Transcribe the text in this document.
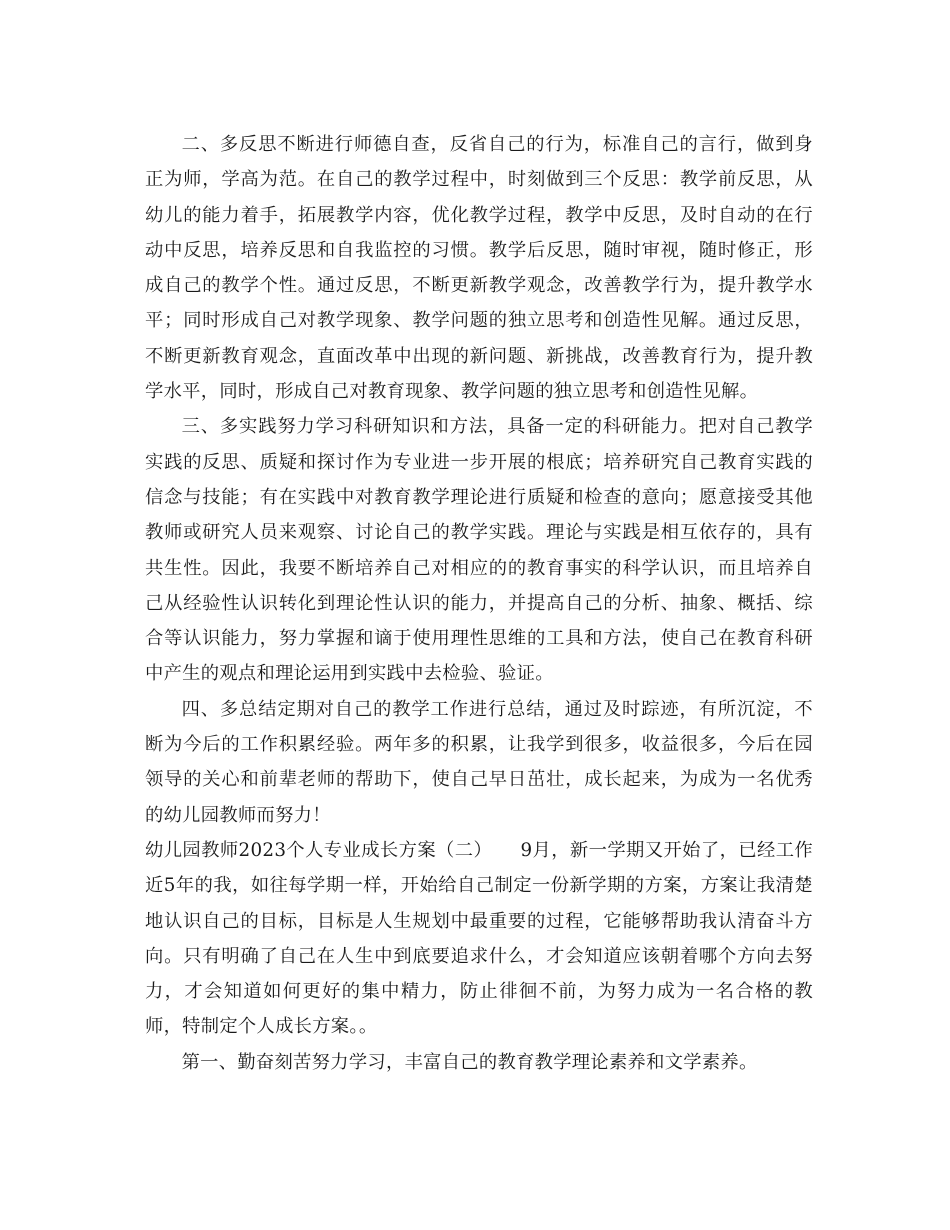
二、多反思不断进行师德自查，反省自己的行为，标准自己的言行，做到身正为师，学高为范。在自己的教学过程中，时刻做到三个反思：教学前反思，从幼儿的能力着手，拓展教学内容，优化教学过程，教学中反思，及时自动的在行动中反思，培养反思和自我监控的习惯。教学后反思，随时审视，随时修正，形成自己的教学个性。通过反思，不断更新教学观念，改善教学行为，提升教学水平；同时形成自己对教学现象、教学问题的独立思考和创造性见解。通过反思，不断更新教育观念，直面改革中出现的新问题、新挑战，改善教育行为，提升教学水平，同时，形成自己对教育现象、教学问题的独立思考和创造性见解。

三、多实践努力学习科研知识和方法，具备一定的科研能力。把对自己教学实践的反思、质疑和探讨作为专业进一步开展的根底；培养研究自己教育实践的信念与技能；有在实践中对教育教学理论进行质疑和检查的意向；愿意接受其他教师或研究人员来观察、讨论自己的教学实践。理论与实践是相互依存的，具有共生性。因此，我要不断培养自己对相应的的教育事实的科学认识，而且培养自己从经验性认识转化到理论性认识的能力，并提高自己的分析、抽象、概括、综合等认识能力，努力掌握和谪于使用理性思维的工具和方法，使自己在教育科研中产生的观点和理论运用到实践中去检验、验证。

四、多总结定期对自己的教学工作进行总结，通过及时踪迹，有所沉淀，不断为今后的工作积累经验。两年多的积累，让我学到很多，收益很多，今后在园领导的关心和前辈老师的帮助下，使自己早日茁壮，成长起来，为成为一名优秀的幼儿园教师而努力！

幼儿园教师2023个人专业成长方案（二）　　9月，新一学期又开始了，已经工作近5年的我，如往每学期一样，开始给自己制定一份新学期的方案，方案让我清楚地认识自己的目标，目标是人生规划中最重要的过程，它能够帮助我认清奋斗方向。只有明确了自己在人生中到底要追求什么，才会知道应该朝着哪个方向去努力，才会知道如何更好的集中精力，防止徘徊不前，为努力成为一名合格的教师，特制定个人成长方案。。

第一、勤奋刻苦努力学习，丰富自己的教育教学理论素养和文学素养。
